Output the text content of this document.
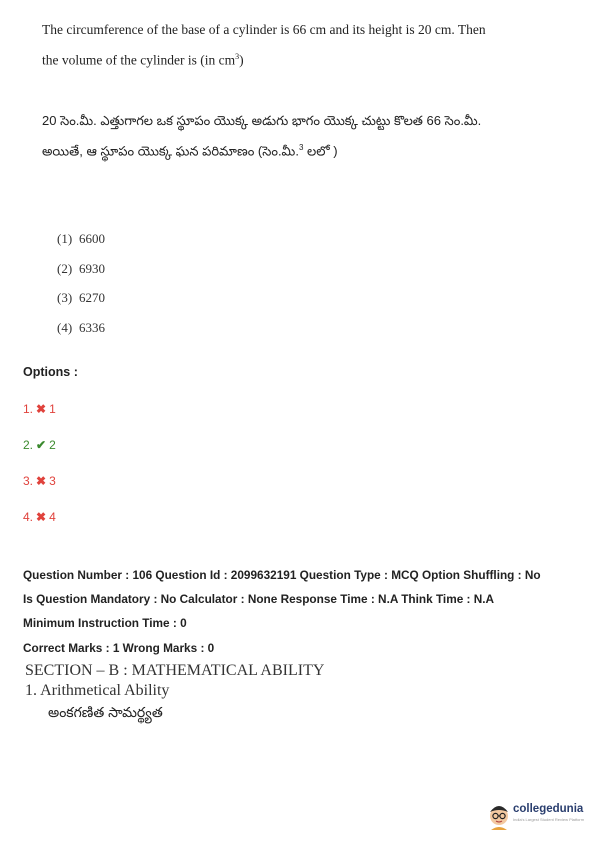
The circumference of the base of a cylinder is 66 cm and its height is 20 cm. Then
the volume of the cylinder is (in $cm^3$)
20 సెం.మీ. ఎత్తుగాగల ఒక స్థూపం యొక్క అడుగు భాగం యొక్క చుట్టు కొలత 66 సెం.మీ.
అయితే, ఆ స్థూపం యొక్క ఘన పరిమాణం (సెం.మీ.$^3$ లలో )
(1) 6600
(2) 6930
(3) 6270
(4) 6336
Options :
1. ✖ 1
2. ✔ 2
3. ✖ 3
4. ✖ 4
Question Number : 106 Question Id : 2099632191 Question Type : MCQ Option Shuffling : No
Is Question Mandatory : No Calculator : None Response Time : N.A Think Time : N.A
Minimum Instruction Time : 0
Correct Marks : 1 Wrong Marks : 0
SECTION – B : MATHEMATICAL ABILITY
1. Arithmetical Ability
అంకగణిత సామర్థ్యత
collegedunia
India's Largest Student Review Platform
